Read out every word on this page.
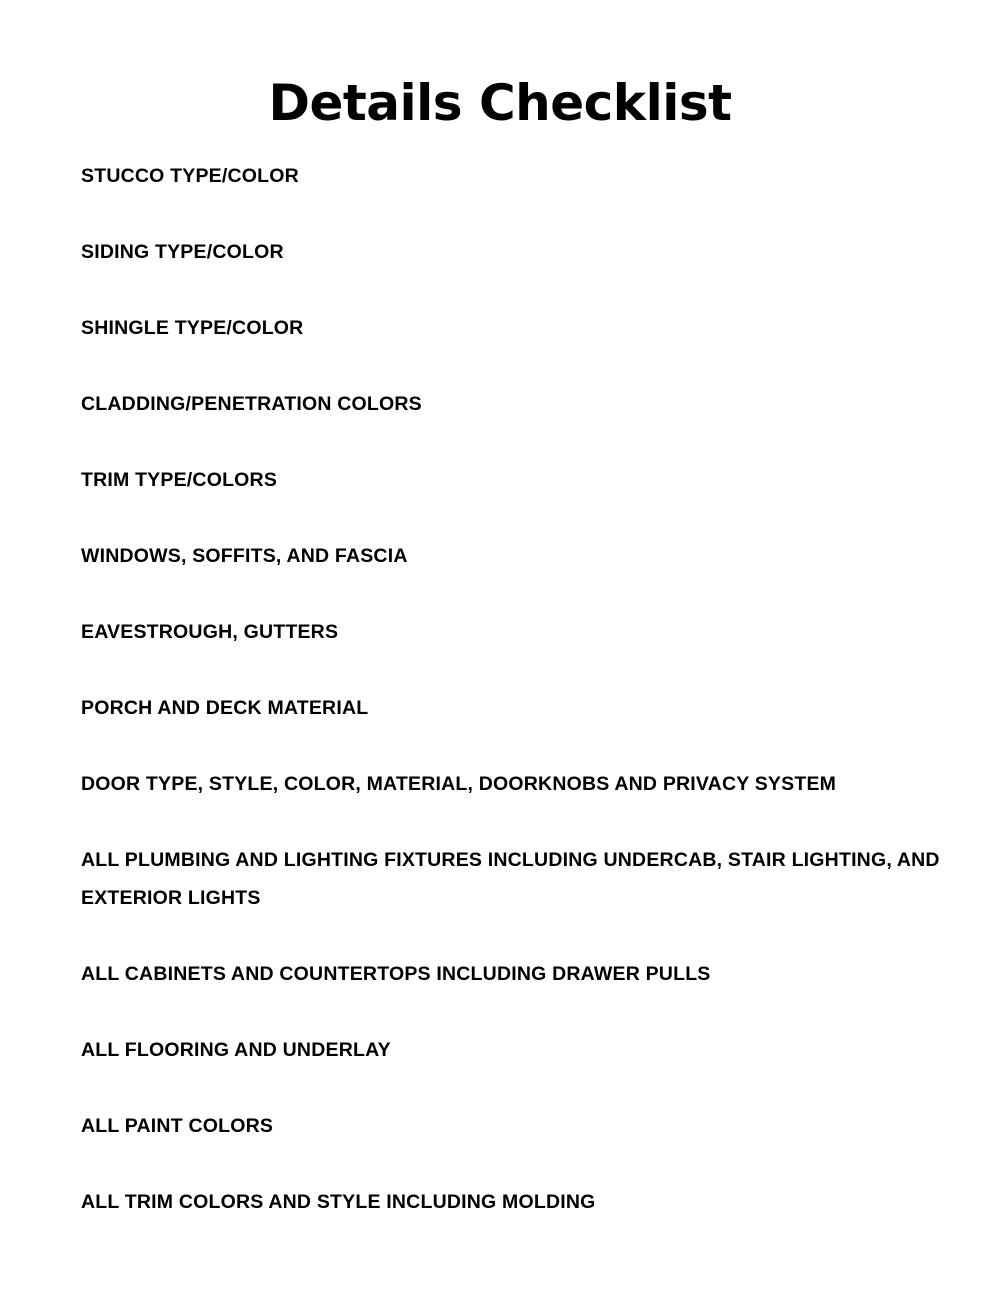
Details Checklist
STUCCO TYPE/COLOR
SIDING TYPE/COLOR
SHINGLE TYPE/COLOR
CLADDING/PENETRATION COLORS
TRIM TYPE/COLORS
WINDOWS, SOFFITS, AND FASCIA
EAVESTROUGH, GUTTERS
PORCH AND DECK MATERIAL
DOOR TYPE, STYLE, COLOR, MATERIAL, DOORKNOBS AND PRIVACY SYSTEM
ALL PLUMBING AND LIGHTING FIXTURES INCLUDING UNDERCAB, STAIR LIGHTING, AND EXTERIOR LIGHTS
ALL CABINETS AND COUNTERTOPS INCLUDING DRAWER PULLS
ALL FLOORING AND UNDERLAY
ALL PAINT COLORS
ALL TRIM COLORS AND STYLE INCLUDING MOLDING
